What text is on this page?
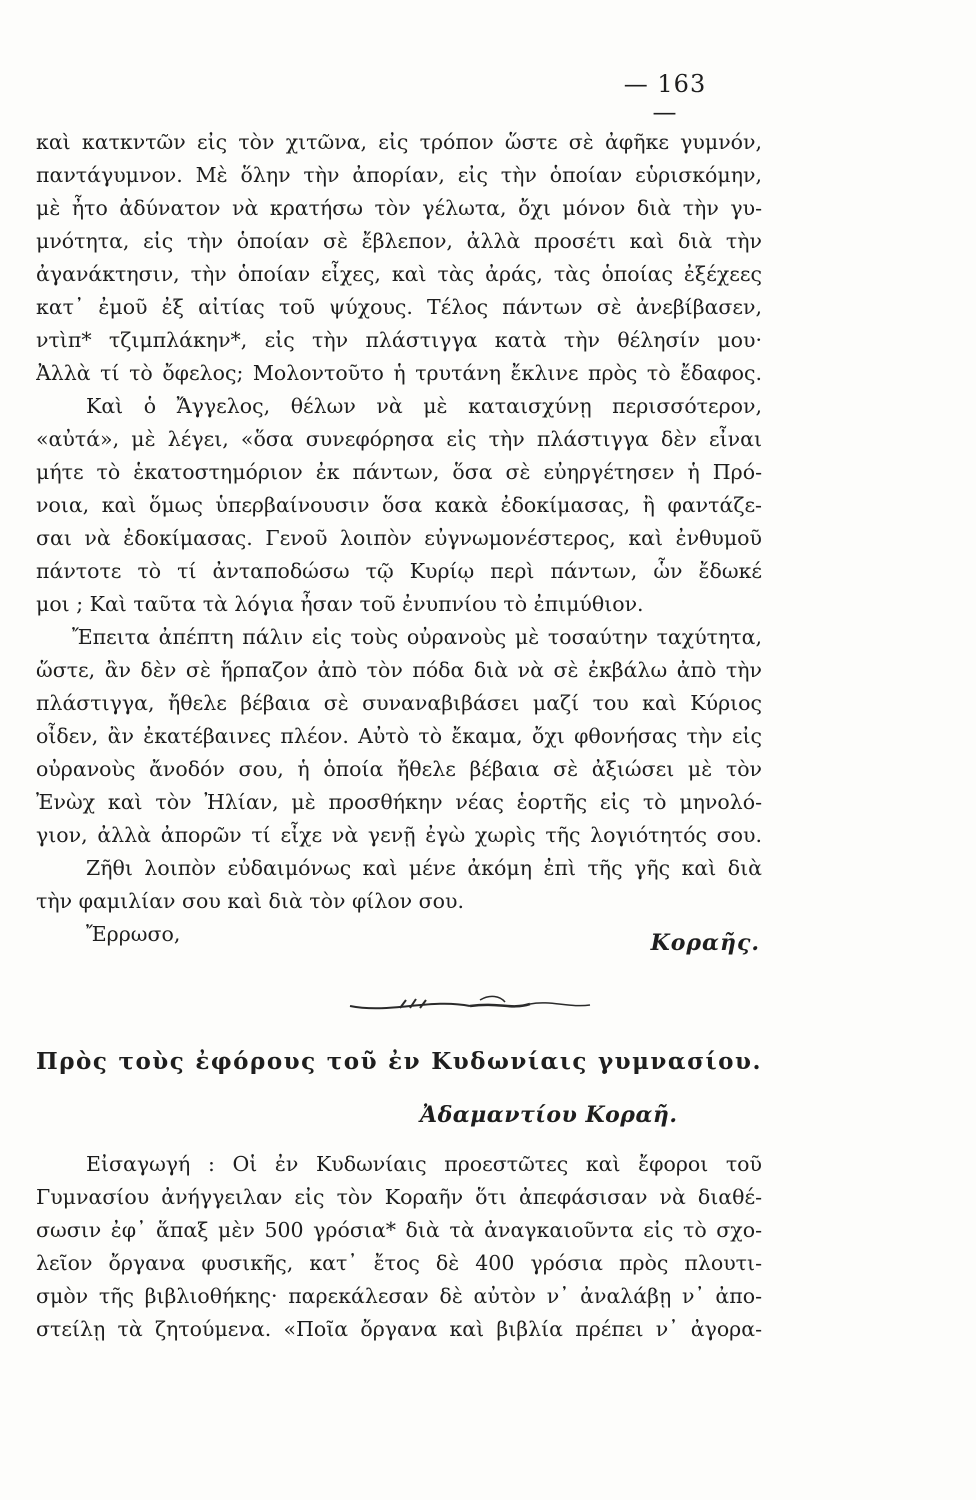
— 163 —
καὶ κατκντῶν εἰς τὸν χιτῶνα, εἰς τρόπον ὥστε σὲ ἀφῆκε γυμνόν,
παντάγυμνον. Μὲ ὅλην τὴν ἀπορίαν, εἰς τὴν ὁποίαν εὑρισκόμην,
μὲ ἦτο ἀδύνατον νὰ κρατήσω τὸν γέλωτα, ὄχι μόνον διὰ τὴν γυ-
μνότητα, εἰς τὴν ὁποίαν σὲ ἔβλεπον, ἀλλὰ προσέτι καὶ διὰ τὴν
ἀγανάκτησιν, τὴν ὁποίαν εἶχες, καὶ τὰς ἀράς, τὰς ὁποίας ἐξέχεες
κατ᾽ ἐμοῦ ἐξ αἰτίας τοῦ ψύχους. Τέλος πάντων σὲ ἀνεβίβασεν,
ντὶπ* τζιμπλάκην*, εἰς τὴν πλάστιγγα κατὰ τὴν θέλησίν μου·
Ἀλλὰ τί τὸ ὄφελος; Μολοντοῦτο ἡ τρυτάνη ἔκλινε πρὸς τὸ ἔδαφος.
Καὶ ὁ Ἄγγελος, θέλων νὰ μὲ καταισχύνῃ περισσότερον,
«αὐτά», μὲ λέγει, «ὅσα συνεφόρησα εἰς τὴν πλάστιγγα δὲν εἶναι
μήτε τὸ ἑκατοστημόριον ἐκ πάντων, ὅσα σὲ εὐηργέτησεν ἡ Πρό-
νοια, καὶ ὅμως ὑπερβαίνουσιν ὅσα κακὰ ἐδοκίμασας, ἢ φαντάζε-
σαι νὰ ἐδοκίμασας. Γενοῦ λοιπὸν εὐγνωμονέστερος, καὶ ἐνθυμοῦ
πάντοτε τὸ τί ἀνταποδώσω τῷ Κυρίῳ περὶ πάντων, ὧν ἔδωκέ
μοι ; Καὶ ταῦτα τὰ λόγια ἦσαν τοῦ ἐνυπνίου τὸ ἐπιμύθιον.
Ἔπειτα ἀπέπτη πάλιν εἰς τοὺς οὐρανοὺς μὲ τοσαύτην ταχύτητα,
ὥστε, ἂν δὲν σὲ ἥρπαζον ἀπὸ τὸν πόδα διὰ νὰ σὲ ἐκβάλω ἀπὸ τὴν
πλάστιγγα, ἤθελε βέβαια σὲ συναναβιβάσει μαζί του καὶ Κύριος
οἶδεν, ἂν ἐκατέβαινες πλέον. Αὐτὸ τὸ ἔκαμα, ὄχι φθονήσας τὴν εἰς
οὐρανοὺς ἄνοδόν σου, ἡ ὁποία ἤθελε βέβαια σὲ ἀξιώσει μὲ τὸν
Ἐνὼχ καὶ τὸν Ἠλίαν, μὲ προσθήκην νέας ἑορτῆς εἰς τὸ μηνολό-
γιον, ἀλλὰ ἀπορῶν τί εἶχε νὰ γενῇ ἐγὼ χωρὶς τῆς λογιότητός σου.
Ζῆθι λοιπὸν εὐδαιμόνως καὶ μένε ἀκόμη ἐπὶ τῆς γῆς καὶ διὰ
τὴν φαμιλίαν σου καὶ διὰ τὸν φίλον σου.
Ἔρρωσο,	Κοραῆς.
Πρὸς τοὺς ἐφόρους τοῦ ἐν Κυδωνίαις γυμνασίου.
Ἀδαμαντίου Κοραῆ.
Εἰσαγωγή : Οἱ ἐν Κυδωνίαις προεστῶτες καὶ ἔφοροι τοῦ
Γυμνασίου ἀνήγγειλαν εἰς τὸν Κοραῆν ὅτι ἀπεφάσισαν νὰ διαθέ-
σωσιν ἐφ᾽ ἅπαξ μὲν 500 γρόσια* διὰ τὰ ἀναγκαιοῦντα εἰς τὸ σχο-
λεῖον ὄργανα φυσικῆς, κατ᾽ ἔτος δὲ 400 γρόσια πρὸς πλουτι-
σμὸν τῆς βιβλιοθήκης· παρεκάλεσαν δὲ αὐτὸν ν᾽ ἀναλάβῃ ν᾽ ἀπο-
στείλῃ τὰ ζητούμενα. «Ποῖα ὄργανα καὶ βιβλία πρέπει ν᾽ ἀγορα-
